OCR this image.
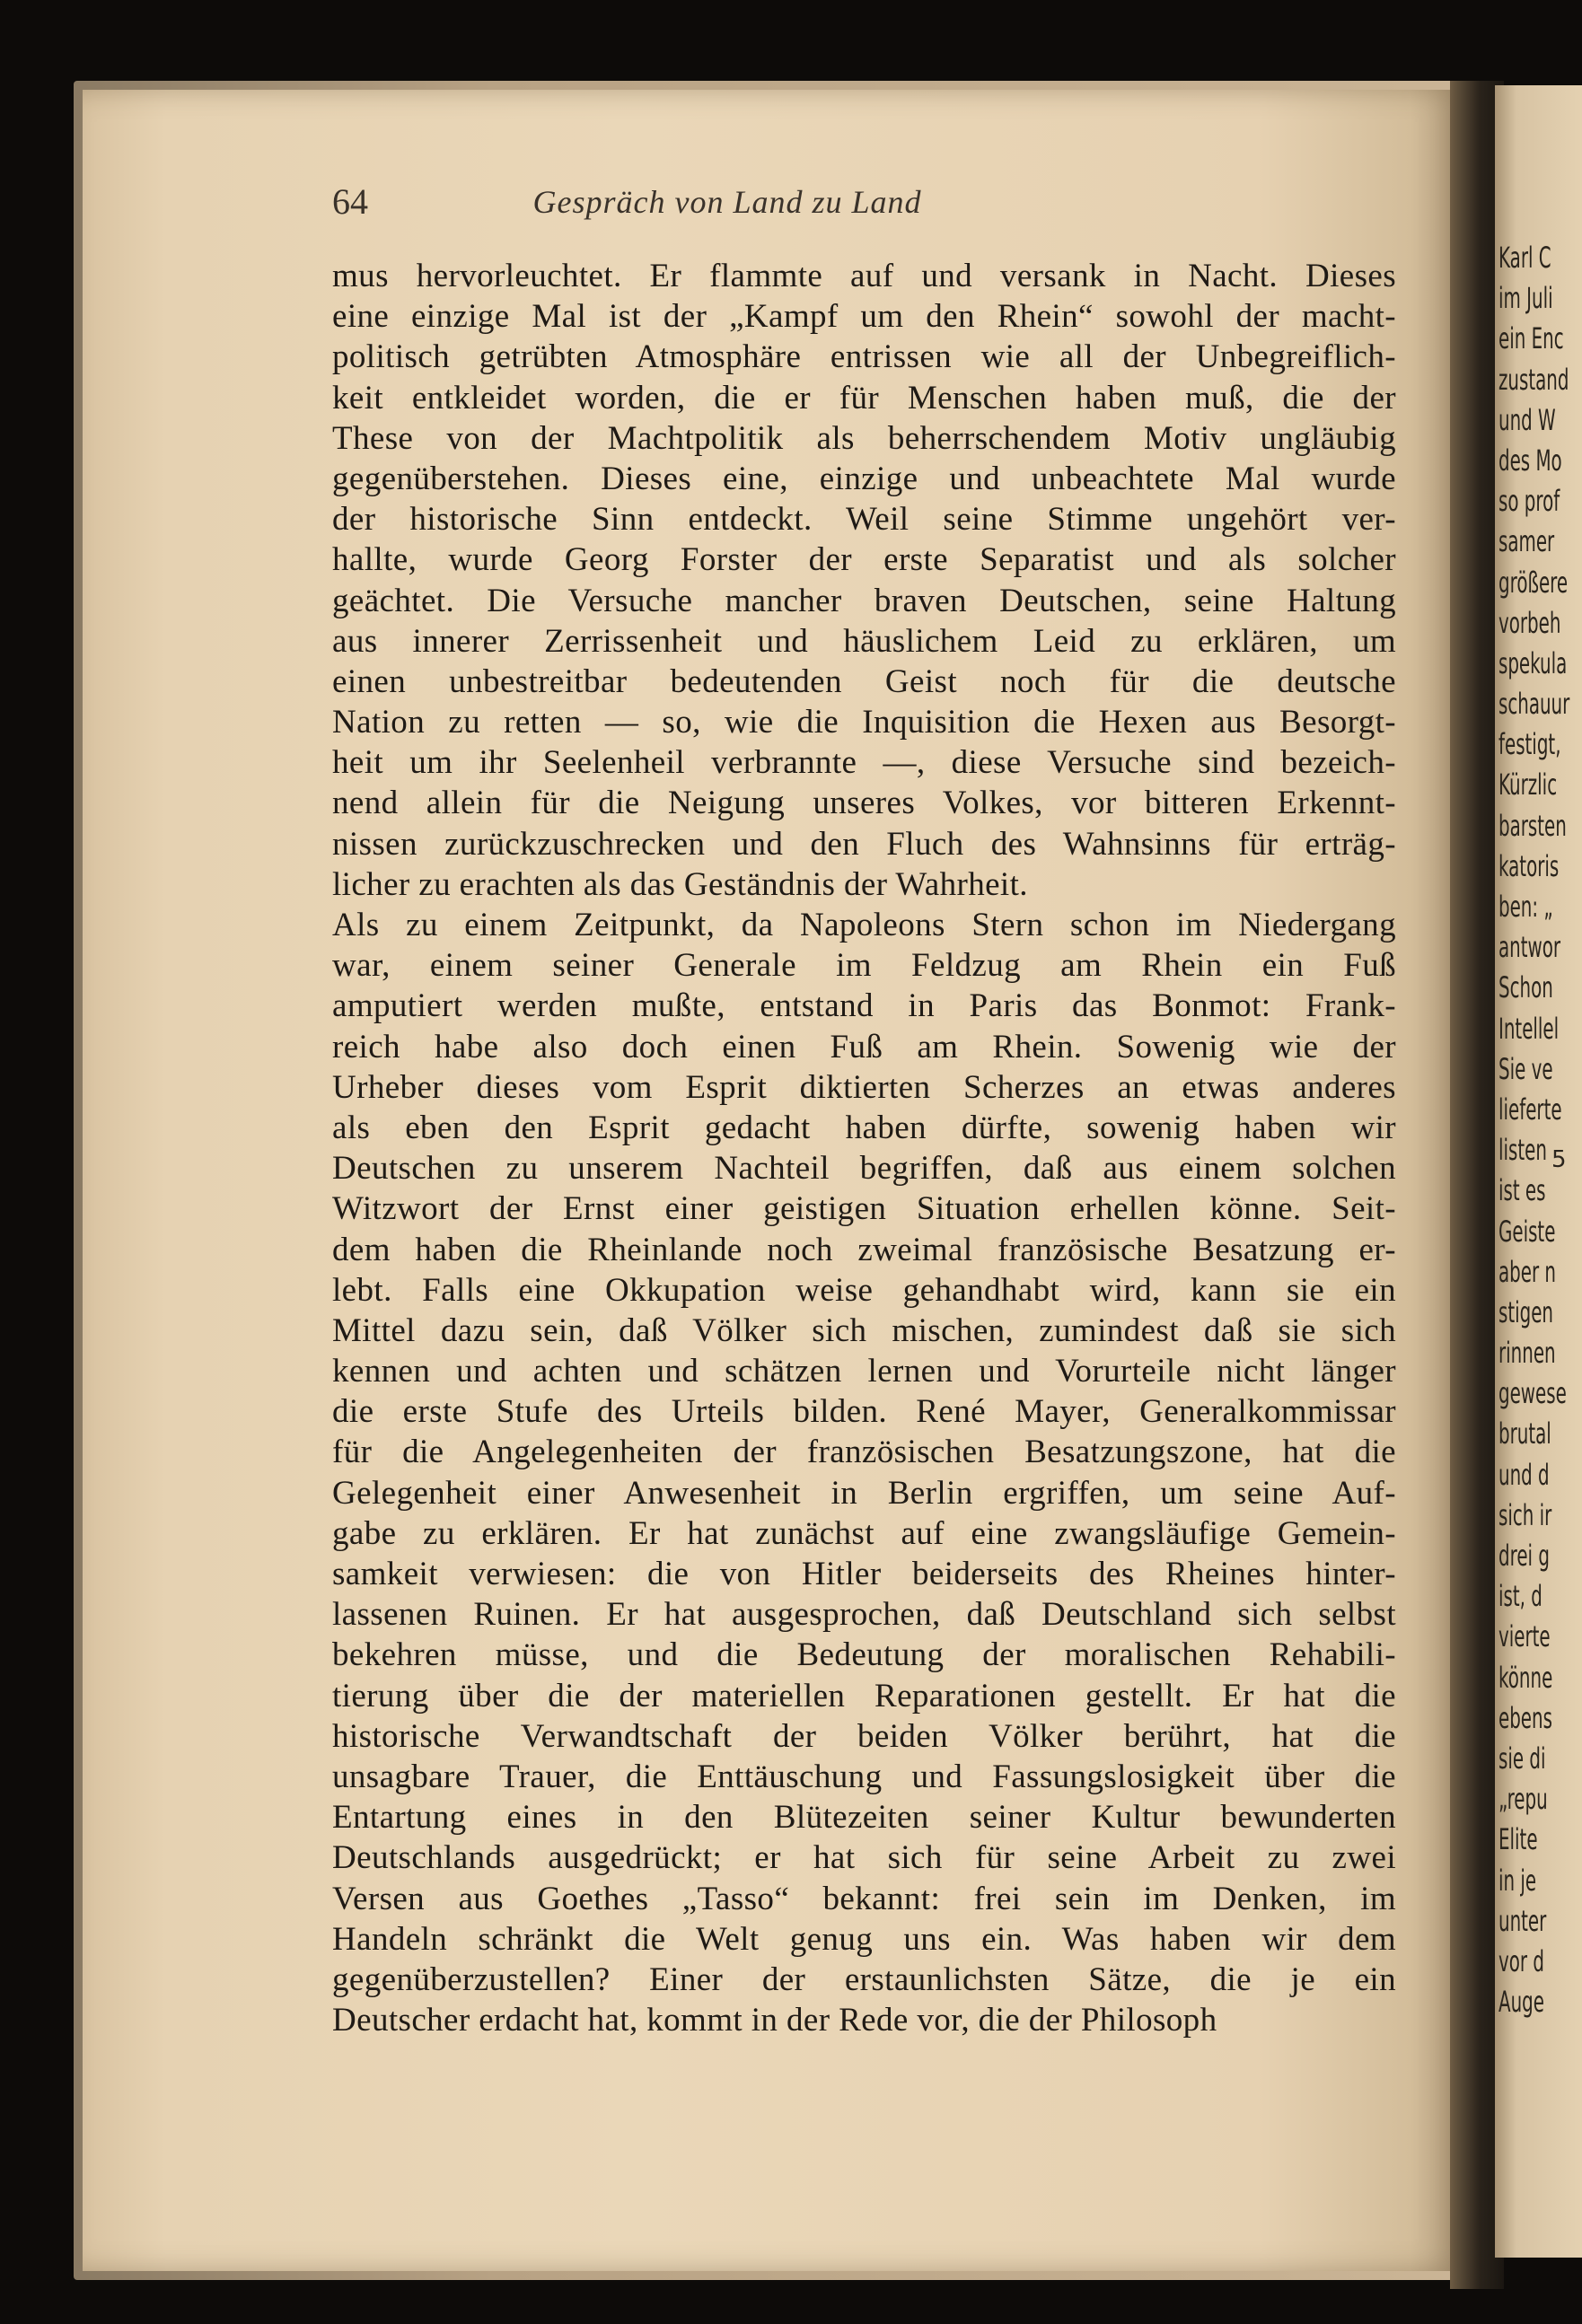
64	Gespräch von Land zu Land
mus hervorleuchtet. Er flammte auf und versank in Nacht. Dieses
eine einzige Mal ist der „Kampf um den Rhein“ sowohl der macht-
politisch getrübten Atmosphäre entrissen wie all der Unbegreiflich-
keit entkleidet worden, die er für Menschen haben muß, die der
These von der Machtpolitik als beherrschendem Motiv ungläubig
gegenüberstehen. Dieses eine, einzige und unbeachtete Mal wurde
der historische Sinn entdeckt. Weil seine Stimme ungehört ver-
hallte, wurde Georg Forster der erste Separatist und als solcher
geächtet. Die Versuche mancher braven Deutschen, seine Haltung
aus innerer Zerrissenheit und häuslichem Leid zu erklären, um
einen unbestreitbar bedeutenden Geist noch für die deutsche
Nation zu retten — so, wie die Inquisition die Hexen aus Besorgt-
heit um ihr Seelenheil verbrannte —, diese Versuche sind bezeich-
nend allein für die Neigung unseres Volkes, vor bitteren Erkennt-
nissen zurückzuschrecken und den Fluch des Wahnsinns für erträg-
licher zu erachten als das Geständnis der Wahrheit.
Als zu einem Zeitpunkt, da Napoleons Stern schon im Niedergang
war, einem seiner Generale im Feldzug am Rhein ein Fuß
amputiert werden mußte, entstand in Paris das Bonmot: Frank-
reich habe also doch einen Fuß am Rhein. Sowenig wie der
Urheber dieses vom Esprit diktierten Scherzes an etwas anderes
als eben den Esprit gedacht haben dürfte, sowenig haben wir
Deutschen zu unserem Nachteil begriffen, daß aus einem solchen
Witzwort der Ernst einer geistigen Situation erhellen könne. Seit-
dem haben die Rheinlande noch zweimal französische Besatzung er-
lebt. Falls eine Okkupation weise gehandhabt wird, kann sie ein
Mittel dazu sein, daß Völker sich mischen, zumindest daß sie sich
kennen und achten und schätzen lernen und Vorurteile nicht länger
die erste Stufe des Urteils bilden. René Mayer, Generalkommissar
für die Angelegenheiten der französischen Besatzungszone, hat die
Gelegenheit einer Anwesenheit in Berlin ergriffen, um seine Auf-
gabe zu erklären. Er hat zunächst auf eine zwangsläufige Gemein-
samkeit verwiesen: die von Hitler beiderseits des Rheines hinter-
lassenen Ruinen. Er hat ausgesprochen, daß Deutschland sich selbst
bekehren müsse, und die Bedeutung der moralischen Rehabili-
tierung über die der materiellen Reparationen gestellt. Er hat die
historische Verwandtschaft der beiden Völker berührt, hat die
unsagbare Trauer, die Enttäuschung und Fassungslosigkeit über die
Entartung eines in den Blütezeiten seiner Kultur bewunderten
Deutschlands ausgedrückt; er hat sich für seine Arbeit zu zwei
Versen aus Goethes „Tasso“ bekannt: frei sein im Denken, im
Handeln schränkt die Welt genug uns ein. Was haben wir dem
gegenüberzustellen? Einer der erstaunlichsten Sätze, die je ein
Deutscher erdacht hat, kommt in der Rede vor, die der Philosoph
Karl C
im Juli
ein Enc
zustand
und W
des Mo
so prof
samer
größere
vorbeh
spekula
schauur
festigt,
Kürzlic
barsten
katoris
ben: „
antwor
Schon
Intellel
Sie ve
lieferte
listen
ist es
Geiste
aber n
stigen
rinnen
gewese
brutal
und d
sich ir
drei g
ist, d
vierte
könne
ebens
sie di
„repu
Elite
in je
unter
vor d
Auge
5
